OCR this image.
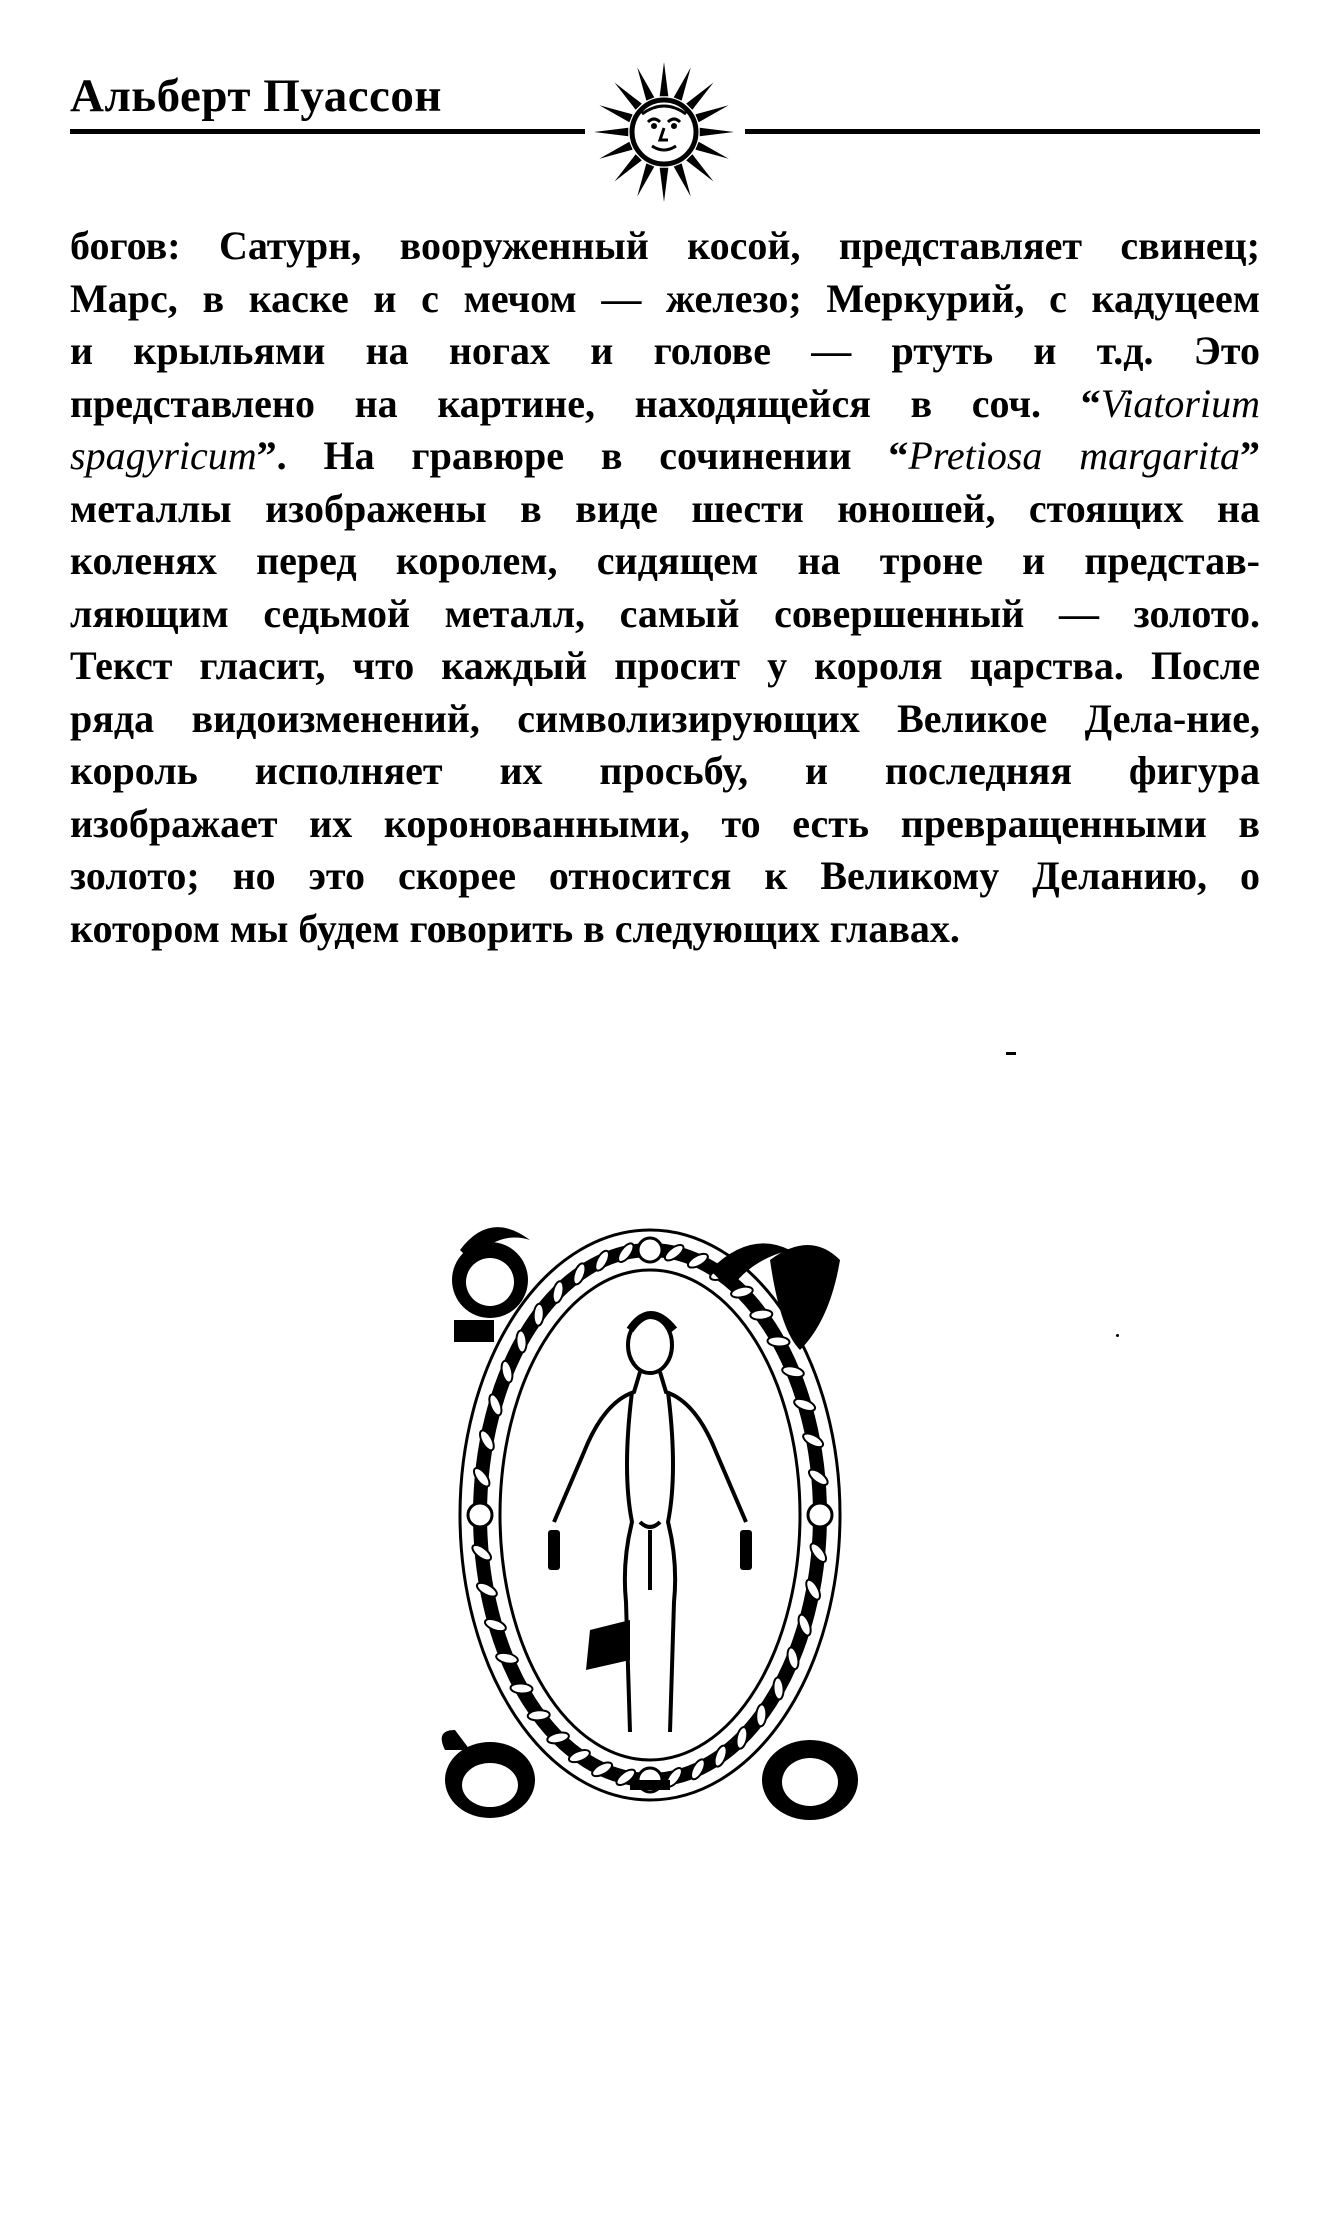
Альберт Пуассон
богов: Сатурн, вооруженный косой, представляет свинец;
Марс, в каске и с мечом — железо; Меркурий, с кадуцеем
и крыльями на ногах и голове — ртуть и т.д. Это
представлено на картине, находящейся в соч. “Viatorium
spagyricum”. На гравюре в сочинении “Pretiosa margarita”
металлы изображены в виде шести юношей, стоящих на
коленях перед королем, сидящем на троне и представ-
ляющим седьмой металл, самый совершенный — золото.
Текст гласит, что каждый просит у короля царства. После
ряда видоизменений, символизирующих Великое Дела-ние,
король исполняет их просьбу, и последняя фигура
изображает их коронованными, то есть превращенными в
золото; но это скорее относится к Великому Деланию, о
котором мы будем говорить в следующих главах.
